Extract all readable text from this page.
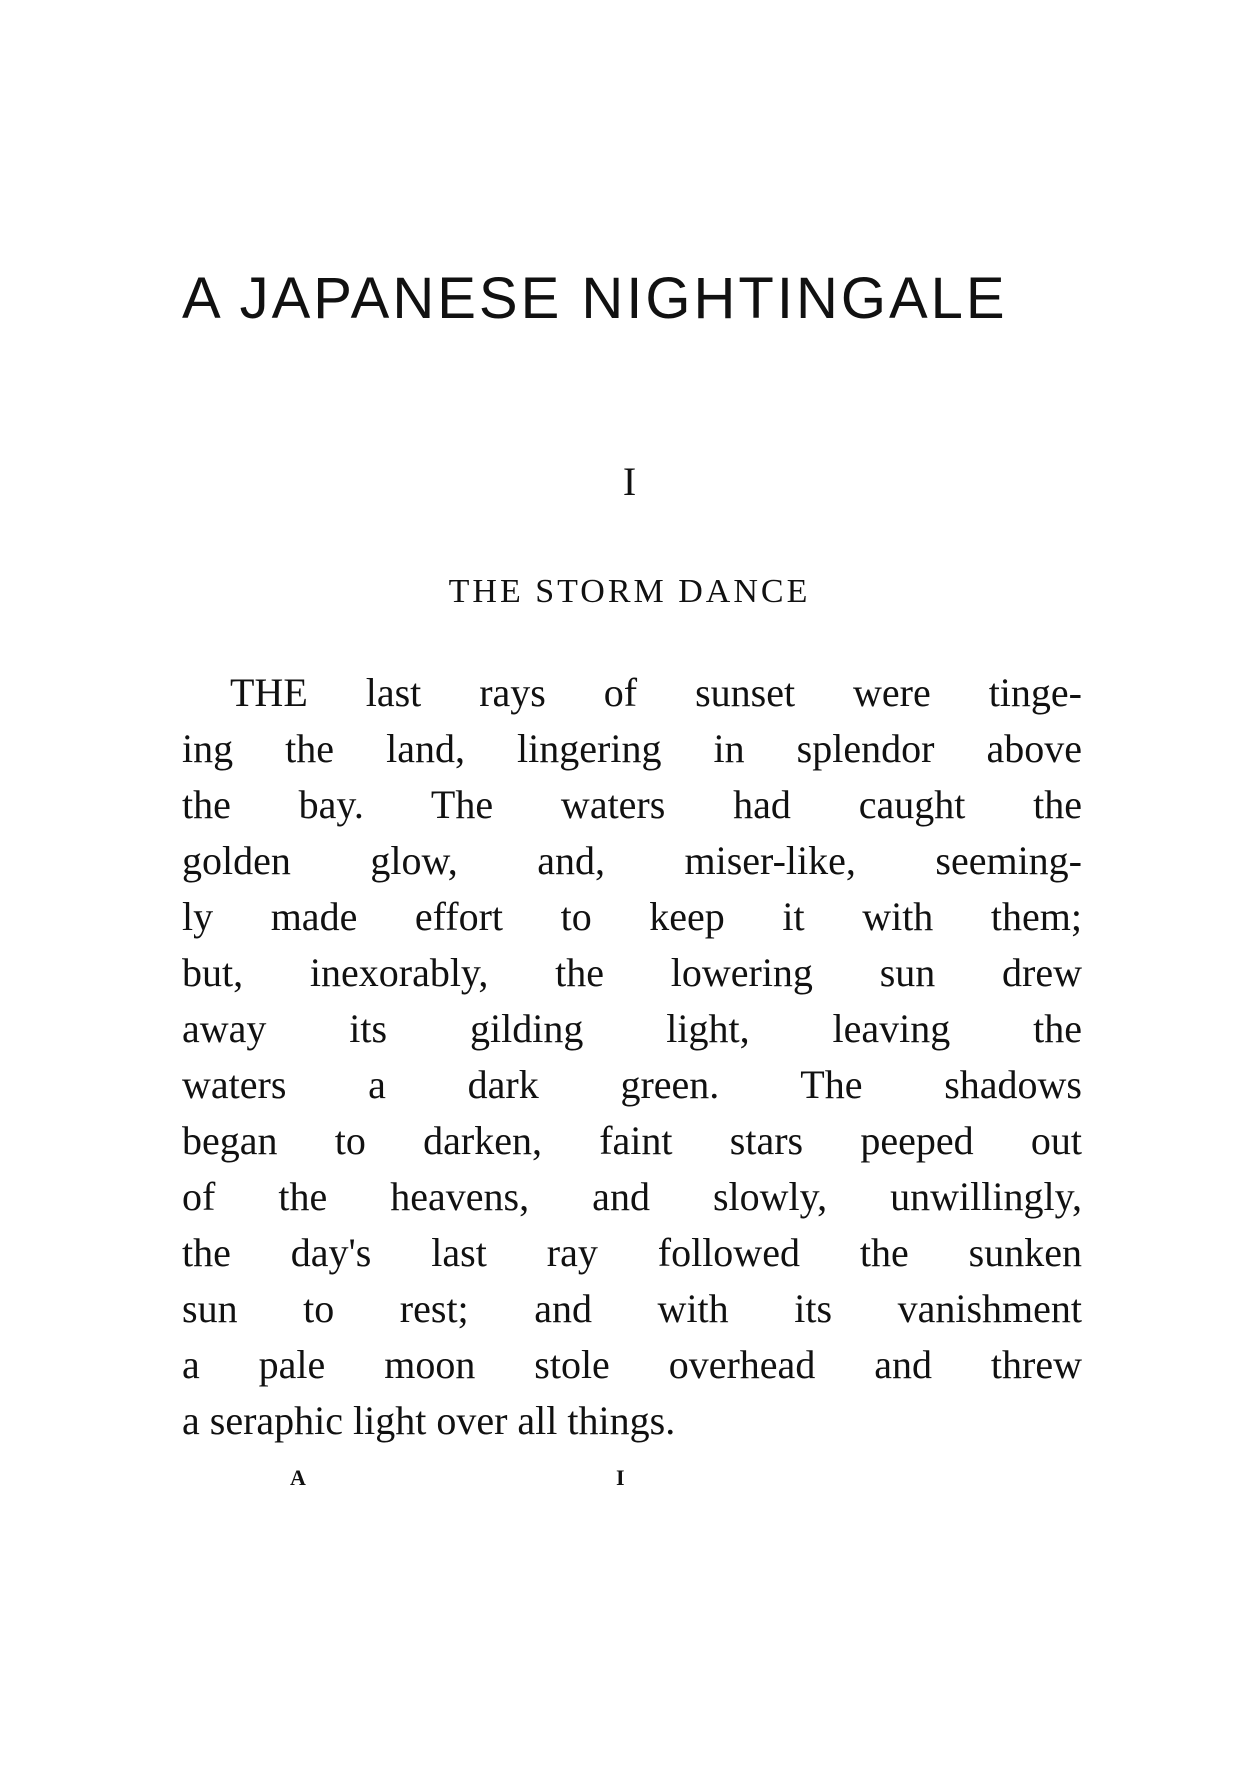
A JAPANESE NIGHTINGALE
I
THE STORM DANCE
THE last rays of sunset were tinge-
ing the land, lingering in splendor above
the bay. The waters had caught the
golden glow, and, miser-like, seeming-
ly made effort to keep it with them;
but, inexorably, the lowering sun drew
away its gilding light, leaving the
waters a dark green. The shadows
began to darken, faint stars peeped out
of the heavens, and slowly, unwillingly,
the day's last ray followed the sunken
sun to rest; and with its vanishment
a pale moon stole overhead and threw
a seraphic light over all things.
A	I
